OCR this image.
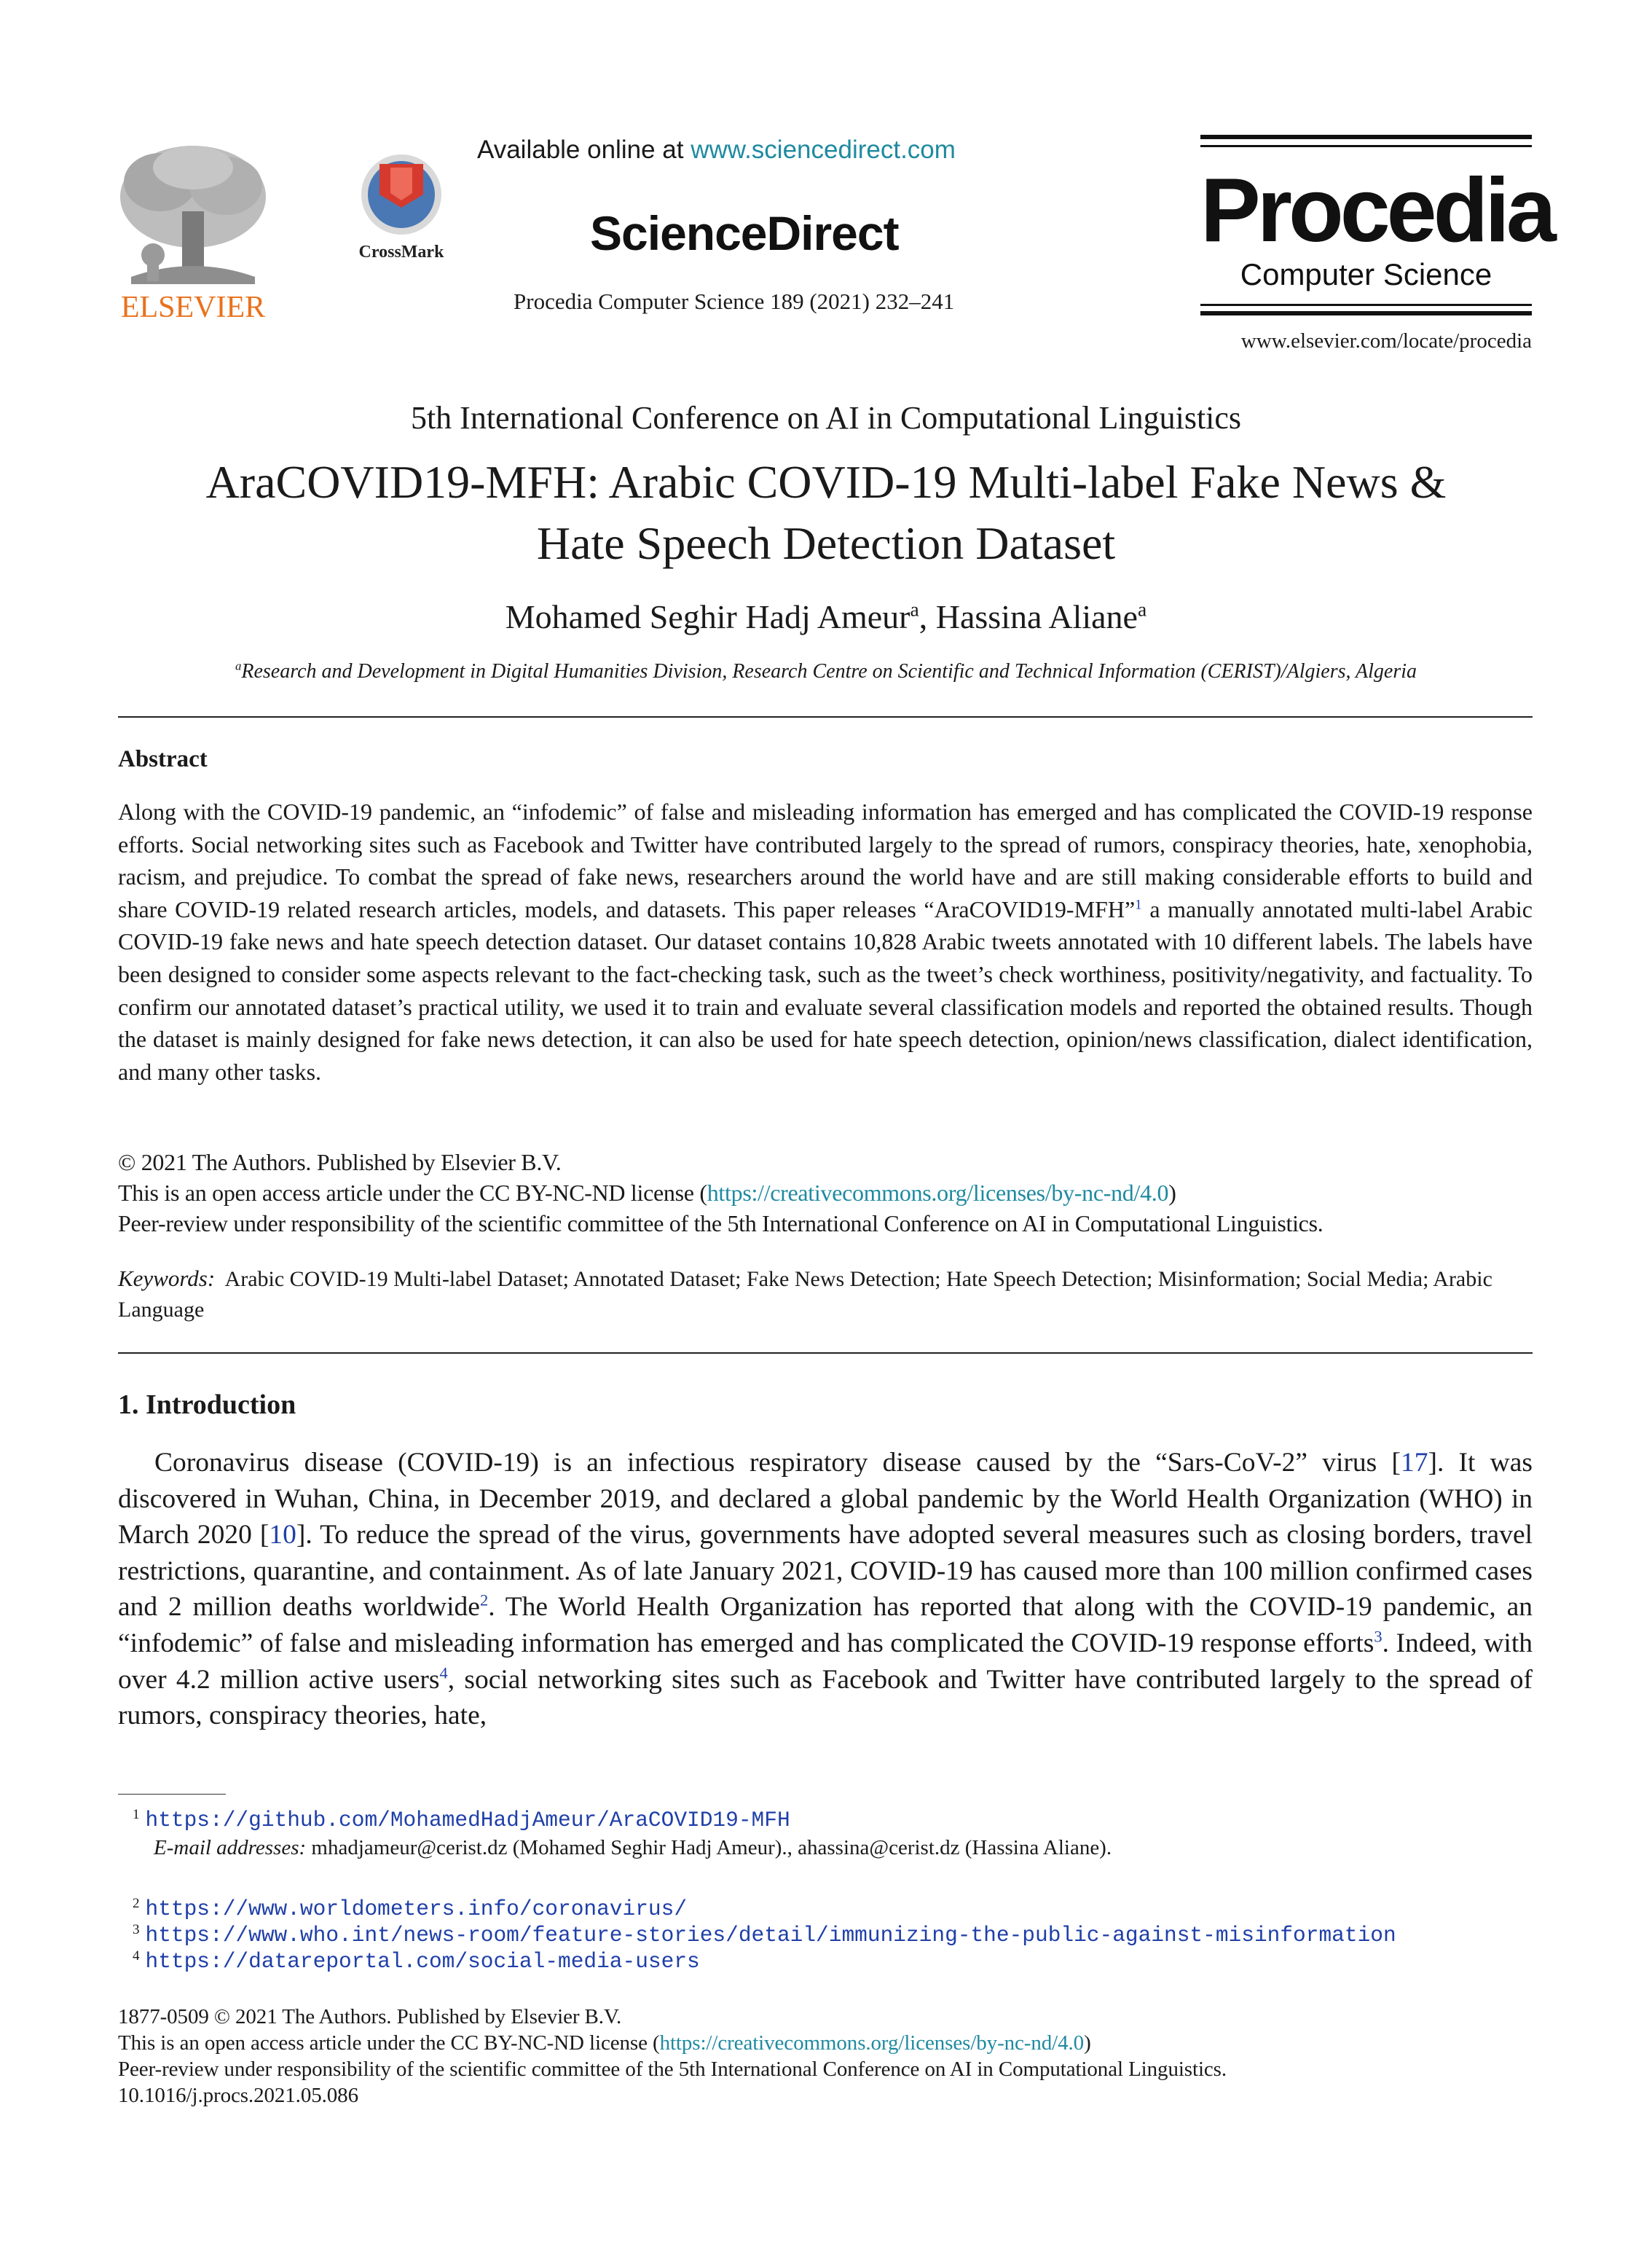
ELSEVIER
CrossMark
Available online at www.sciencedirect.com
ScienceDirect
Procedia Computer Science 189 (2021) 232–241
Procedia
Computer Science
www.elsevier.com/locate/procedia
5th International Conference on AI in Computational Linguistics
AraCOVID19-MFH: Arabic COVID-19 Multi-label Fake News &
Hate Speech Detection Dataset
Mohamed Seghir Hadj Ameur$^a$, Hassina Aliane$^a$
$^a$Research and Development in Digital Humanities Division, Research Centre on Scientific and Technical Information (CERIST)/Algiers, Algeria
Abstract
Along with the COVID-19 pandemic, an “infodemic” of false and misleading information has emerged and has complicated the COVID-19 response efforts. Social networking sites such as Facebook and Twitter have contributed largely to the spread of rumors, conspiracy theories, hate, xenophobia, racism, and prejudice. To combat the spread of fake news, researchers around the world have and are still making considerable efforts to build and share COVID-19 related research articles, models, and datasets. This paper releases “AraCOVID19-MFH”$^1$ a manually annotated multi-label Arabic COVID-19 fake news and hate speech detection dataset. Our dataset contains 10,828 Arabic tweets annotated with 10 different labels. The labels have been designed to consider some aspects relevant to the fact-checking task, such as the tweet’s check worthiness, positivity/negativity, and factuality. To confirm our annotated dataset’s practical utility, we used it to train and evaluate several classification models and reported the obtained results. Though the dataset is mainly designed for fake news detection, it can also be used for hate speech detection, opinion/news classification, dialect identification, and many other tasks.
© 2021 The Authors. Published by Elsevier B.V.
This is an open access article under the CC BY-NC-ND license (https://creativecommons.org/licenses/by-nc-nd/4.0)
Peer-review under responsibility of the scientific committee of the 5th International Conference on AI in Computational Linguistics.
Keywords: Arabic COVID-19 Multi-label Dataset; Annotated Dataset; Fake News Detection; Hate Speech Detection; Misinformation; Social Media; Arabic Language
1. Introduction
Coronavirus disease (COVID-19) is an infectious respiratory disease caused by the “Sars-CoV-2” virus [17]. It was discovered in Wuhan, China, in December 2019, and declared a global pandemic by the World Health Organization (WHO) in March 2020 [10]. To reduce the spread of the virus, governments have adopted several measures such as closing borders, travel restrictions, quarantine, and containment. As of late January 2021, COVID-19 has caused more than 100 million confirmed cases and 2 million deaths worldwide$^2$. The World Health Organization has reported that along with the COVID-19 pandemic, an “infodemic” of false and misleading information has emerged and has complicated the COVID-19 response efforts$^3$. Indeed, with over 4.2 million active users$^4$, social networking sites such as Facebook and Twitter have contributed largely to the spread of rumors, conspiracy theories, hate,
$^1$ https://github.com/MohamedHadjAmeur/AraCOVID19-MFH
E-mail addresses: mhadjameur@cerist.dz (Mohamed Seghir Hadj Ameur)., ahassina@cerist.dz (Hassina Aliane).
$^2$ https://www.worldometers.info/coronavirus/
$^3$ https://www.who.int/news-room/feature-stories/detail/immunizing-the-public-against-misinformation
$^4$ https://datareportal.com/social-media-users
1877-0509 © 2021 The Authors. Published by Elsevier B.V.
This is an open access article under the CC BY-NC-ND license (https://creativecommons.org/licenses/by-nc-nd/4.0)
Peer-review under responsibility of the scientific committee of the 5th International Conference on AI in Computational Linguistics.
10.1016/j.procs.2021.05.086
